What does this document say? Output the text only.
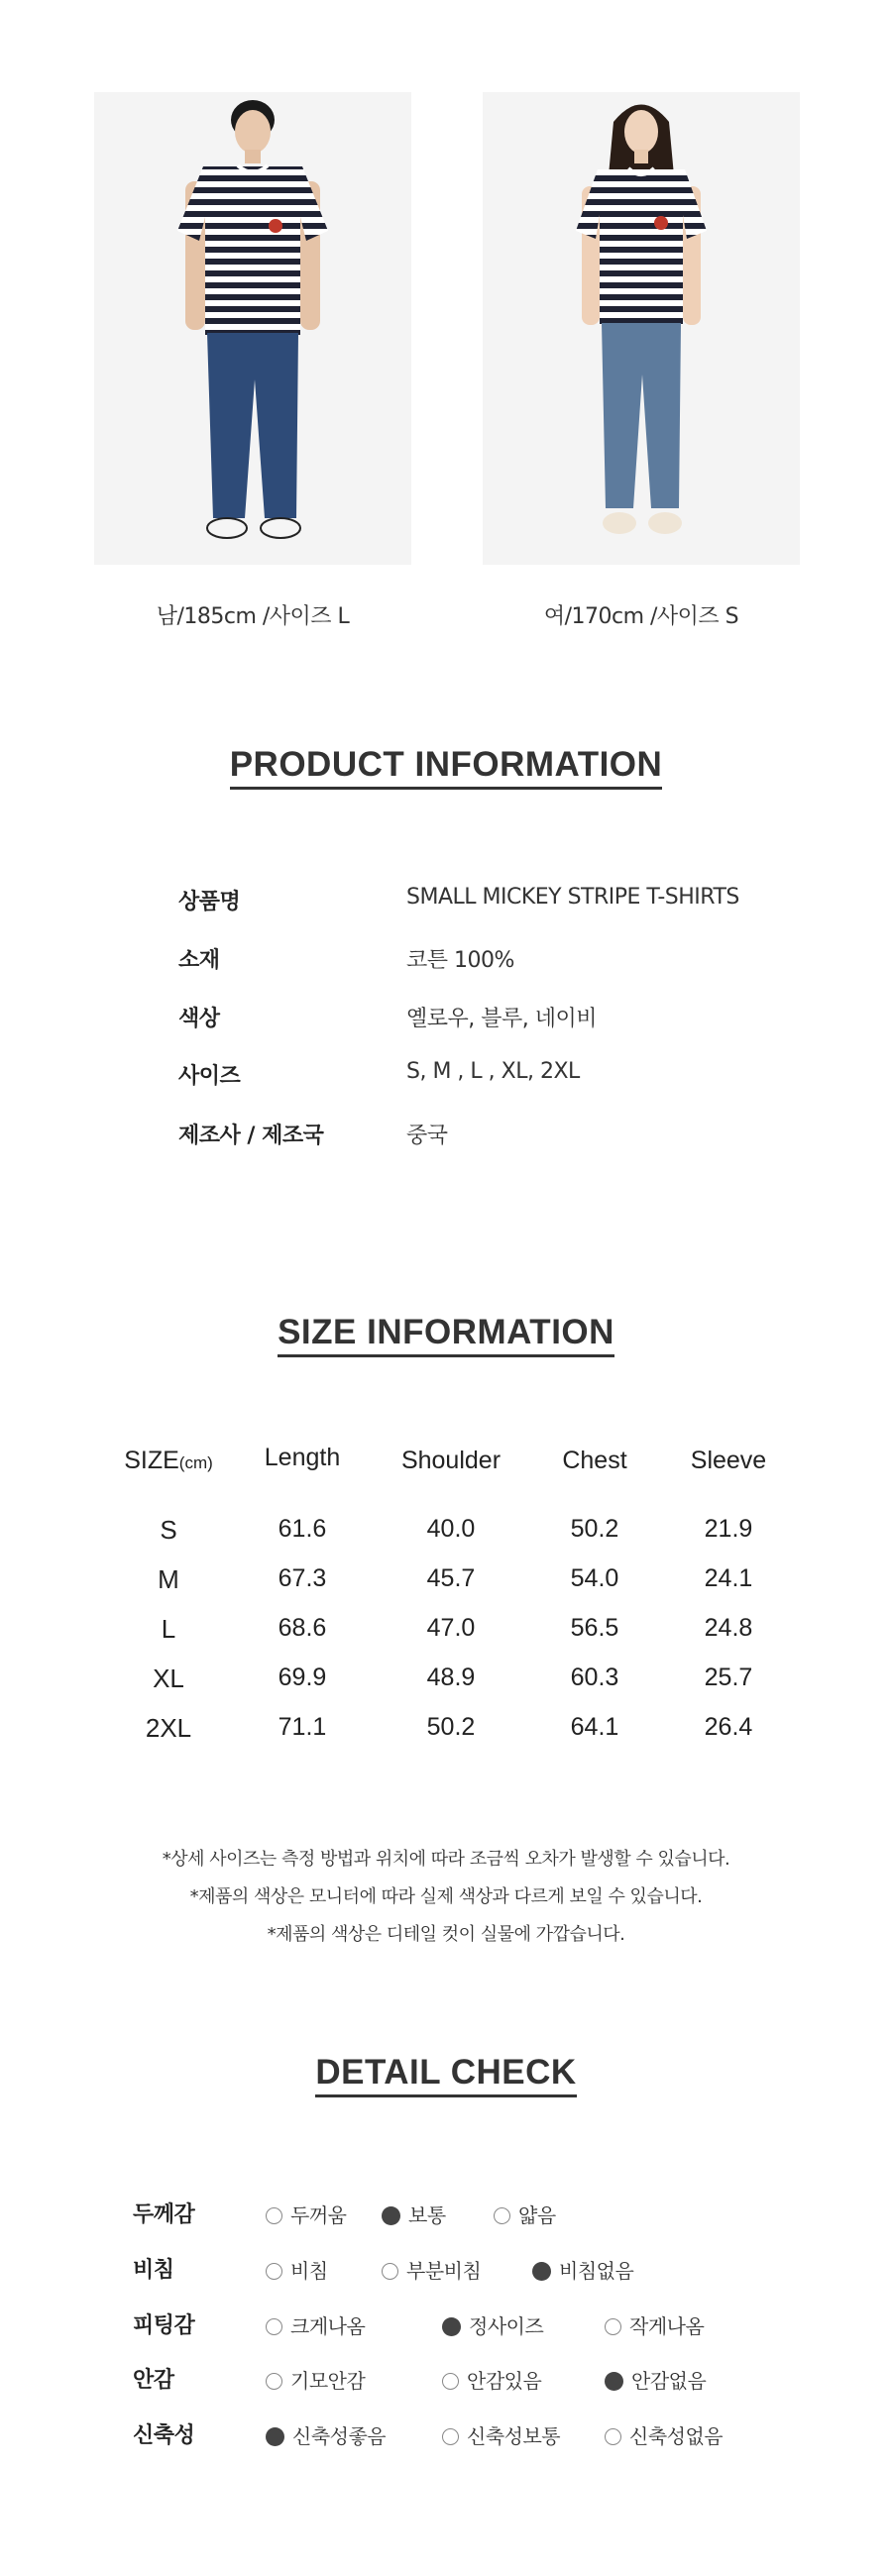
남/185cm /사이즈 L	여/170cm /사이즈 S
PRODUCT INFORMATION
상품명	SMALL MICKEY STRIPE T-SHIRTS
소재	코튼 100%
색상	옐로우, 블루, 네이비
사이즈	S, M , L , XL, 2XL
제조사 / 제조국	중국
SIZE INFORMATION
SIZE(cm)	Length	Shoulder	Chest	Sleeve
S	61.6	40.0	50.2	21.9
M	67.3	45.7	54.0	24.1
L	68.6	47.0	56.5	24.8
XL	69.9	48.9	60.3	25.7
2XL	71.1	50.2	64.1	26.4
*상세 사이즈는 측정 방법과 위치에 따라 조금씩 오차가 발생할 수 있습니다.
*제품의 색상은 모니터에 따라 실제 색상과 다르게 보일 수 있습니다.
*제품의 색상은 디테일 컷이 실물에 가깝습니다.
DETAIL CHECK
두께감	두꺼움	보통	얇음
비침	비침	부분비침	비침없음
피팅감	크게나옴	정사이즈	작게나옴
안감	기모안감	안감있음	안감없음
신축성	신축성좋음	신축성보통	신축성없음
